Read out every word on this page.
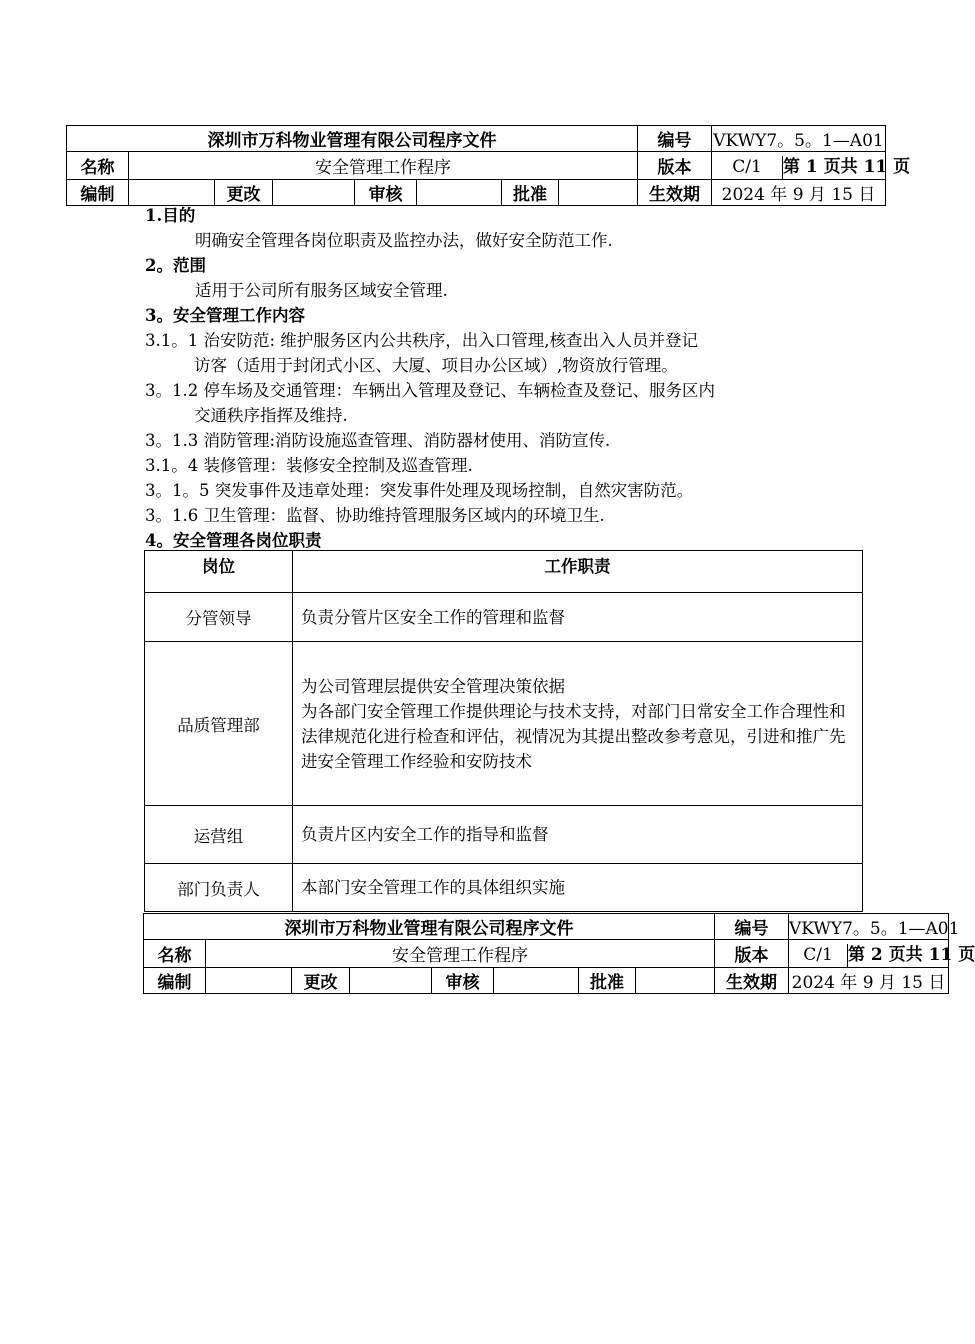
深圳市万科物业管理有限公司程序文件								编号	VKWY7。5。1—A01
名称	安全管理工作程序							版本	C/1 第 1 页共 11 页
编制		更改		审核		批准		生效期	2024 年 9 月 15 日

1.目的

明确安全管理各岗位职责及监控办法，做好安全防范工作.

2。范围

适用于公司所有服务区域安全管理.

3。安全管理工作内容

3.1。1 治安防范: 维护服务区内公共秩序，出入口管理,核查出入人员并登记

访客（适用于封闭式小区、大厦、项目办公区域）,物资放行管理。

3。1.2 停车场及交通管理：车辆出入管理及登记、车辆检查及登记、服务区内

交通秩序指挥及维持.

3。1.3 消防管理:消防设施巡查管理、消防器材使用、消防宣传.

3.1。4 装修管理：装修安全控制及巡查管理.

3。1。5 突发事件及违章处理：突发事件处理及现场控制，自然灾害防范。

3。1.6 卫生管理：监督、协助维持管理服务区域内的环境卫生.

4。安全管理各岗位职责

岗位	工作职责
分管领导	负责分管片区安全工作的管理和监督
品质管理部	为公司管理层提供安全管理决策依据
为各部门安全管理工作提供理论与技术支持，对部门日常安全工作合理性和法律规范化进行检查和评估，视情况为其提出整改参考意见，引进和推广先进安全管理工作经验和安防技术

运营组	负责片区内安全工作的指导和监督
部门负责人	本部门安全管理工作的具体组织实施
深圳市万科物业管理有限公司程序文件								编号	VKWY7。5。1—A01
名称	安全管理工作程序							版本	C/1 第 2 页共 11 页
编制		更改		审核		批准		生效期	2024 年 9 月 15 日
